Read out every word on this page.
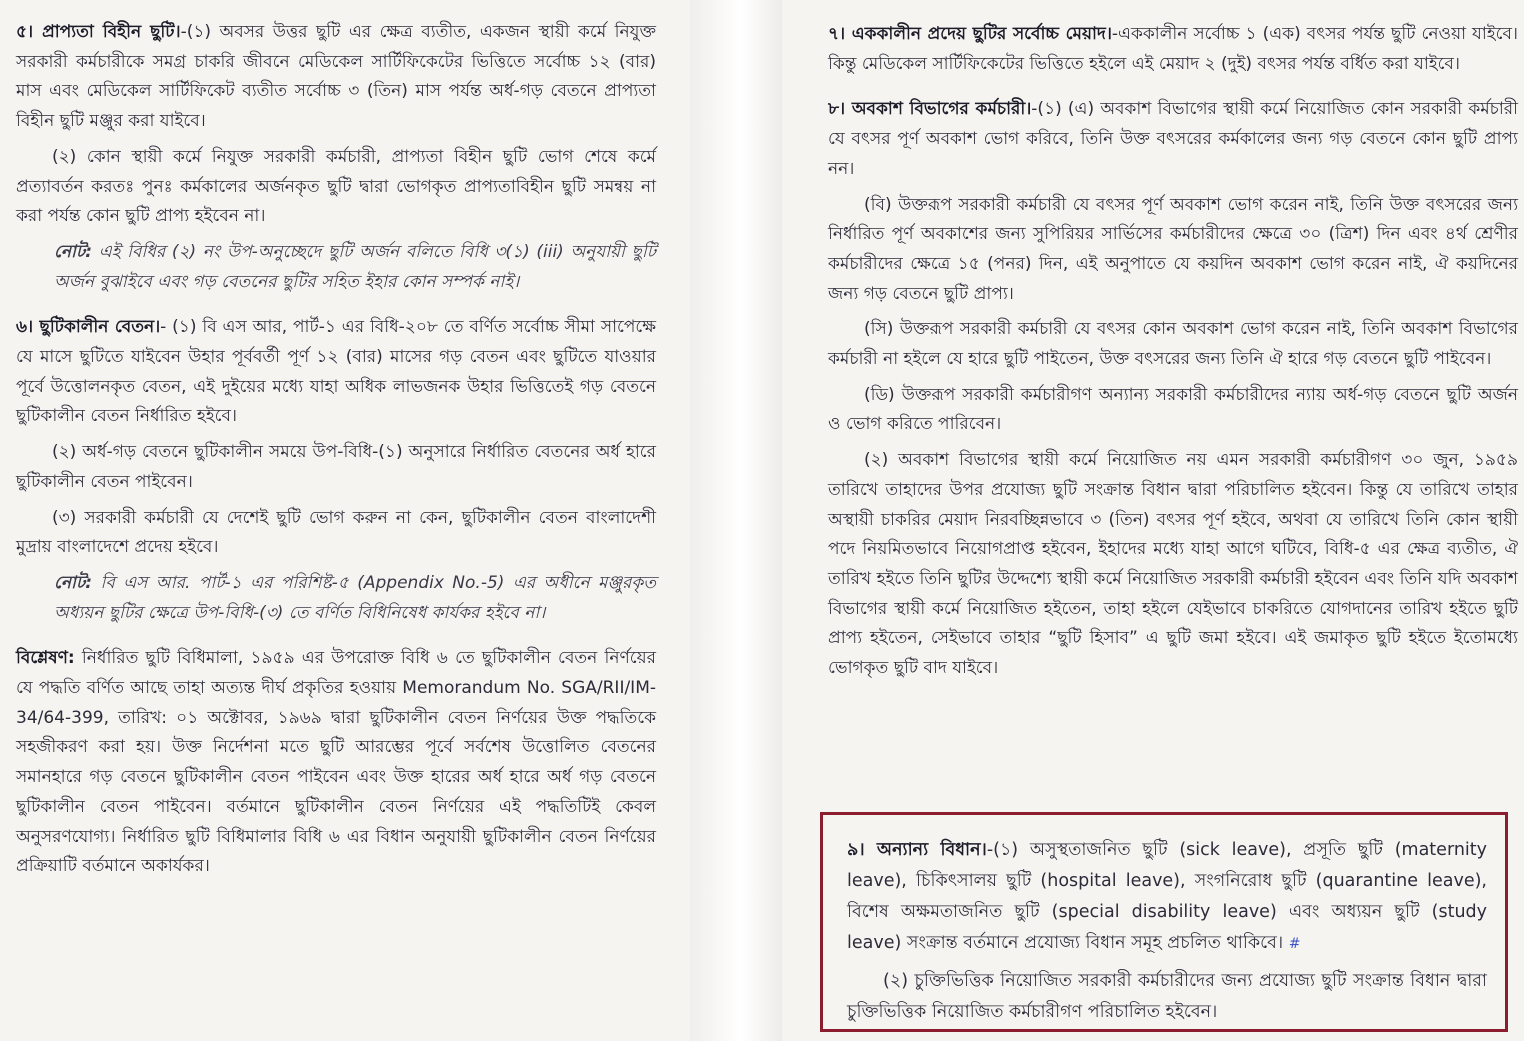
৫। প্রাপ্যতা বিহীন ছুটি।-(১) অবসর উত্তর ছুটি এর ক্ষেত্র ব্যতীত, একজন স্থায়ী কর্মে নিযুক্ত সরকারী কর্মচারীকে সমগ্র চাকরি জীবনে মেডিকেল সার্টিফিকেটের ভিত্তিতে সর্বোচ্চ ১২ (বার) মাস এবং মেডিকেল সার্টিফিকেট ব্যতীত সর্বোচ্চ ৩ (তিন) মাস পর্যন্ত অর্ধ-গড় বেতনে প্রাপ্যতা বিহীন ছুটি মঞ্জুর করা যাইবে।

(২) কোন স্থায়ী কর্মে নিযুক্ত সরকারী কর্মচারী, প্রাপ্যতা বিহীন ছুটি ভোগ শেষে কর্মে প্রত্যাবর্তন করতঃ পুনঃ কর্মকালের অর্জনকৃত ছুটি দ্বারা ভোগকৃত প্রাপ্যতাবিহীন ছুটি সমন্বয় না করা পর্যন্ত কোন ছুটি প্রাপ্য হইবেন না।

নোট: এই বিধির (২) নং উপ-অনুচ্ছেদে ছুটি অর্জন বলিতে বিধি ৩(১) (iii) অনুযায়ী ছুটি অর্জন বুঝাইবে এবং গড় বেতনের ছুটির সহিত ইহার কোন সম্পর্ক নাই।

৬। ছুটিকালীন বেতন।- (১) বি এস আর, পার্ট-১ এর বিধি-২০৮ তে বর্ণিত সর্বোচ্চ সীমা সাপেক্ষে যে মাসে ছুটিতে যাইবেন উহার পূর্ববর্তী পূর্ণ ১২ (বার) মাসের গড় বেতন এবং ছুটিতে যাওয়ার পূর্বে উত্তোলনকৃত বেতন, এই দুইয়ের মধ্যে যাহা অধিক লাভজনক উহার ভিত্তিতেই গড় বেতনে ছুটিকালীন বেতন নির্ধারিত হইবে।

(২) অর্ধ-গড় বেতনে ছুটিকালীন সময়ে উপ-বিধি-(১) অনুসারে নির্ধারিত বেতনের অর্ধ হারে ছুটিকালীন বেতন পাইবেন।

(৩) সরকারী কর্মচারী যে দেশেই ছুটি ভোগ করুন না কেন, ছুটিকালীন বেতন বাংলাদেশী মুদ্রায় বাংলাদেশে প্রদেয় হইবে।

নোট: বি এস আর. পার্ট-১ এর পরিশিষ্ট-৫ (Appendix No.-5) এর অধীনে মঞ্জুরকৃত অধ্যয়ন ছুটির ক্ষেত্রে উপ-বিধি-(৩) তে বর্ণিত বিধিনিষেধ কার্যকর হইবে না।

বিশ্লেষণ: নির্ধারিত ছুটি বিধিমালা, ১৯৫৯ এর উপরোক্ত বিধি ৬ তে ছুটিকালীন বেতন নির্ণয়ের যে পদ্ধতি বর্ণিত আছে তাহা অত্যন্ত দীর্ঘ প্রকৃতির হওয়ায় Memorandum No. SGA/RII/IM-34/64-399, তারিখ: ০১ অক্টোবর, ১৯৬৯ দ্বারা ছুটিকালীন বেতন নির্ণয়ের উক্ত পদ্ধতিকে সহজীকরণ করা হয়। উক্ত নির্দেশনা মতে ছুটি আরম্ভের পূর্বে সর্বশেষ উত্তোলিত বেতনের সমানহারে গড় বেতনে ছুটিকালীন বেতন পাইবেন এবং উক্ত হারের অর্ধ হারে অর্ধ গড় বেতনে ছুটিকালীন বেতন পাইবেন। বর্তমানে ছুটিকালীন বেতন নির্ণয়ের এই পদ্ধতিটিই কেবল অনুসরণযোগ্য। নির্ধারিত ছুটি বিধিমালার বিধি ৬ এর বিধান অনুযায়ী ছুটিকালীন বেতন নির্ণয়ের প্রক্রিয়াটি বর্তমানে অকার্যকর।

৭। এককালীন প্রদেয় ছুটির সর্বোচ্চ মেয়াদ।-এককালীন সর্বোচ্চ ১ (এক) বৎসর পর্যন্ত ছুটি নেওয়া যাইবে। কিন্তু মেডিকেল সার্টিফিকেটের ভিত্তিতে হইলে এই মেয়াদ ২ (দুই) বৎসর পর্যন্ত বর্ধিত করা যাইবে।

৮। অবকাশ বিভাগের কর্মচারী।-(১) (এ) অবকাশ বিভাগের স্থায়ী কর্মে নিয়োজিত কোন সরকারী কর্মচারী যে বৎসর পূর্ণ অবকাশ ভোগ করিবে, তিনি উক্ত বৎসরের কর্মকালের জন্য গড় বেতনে কোন ছুটি প্রাপ্য নন।

(বি) উক্তরূপ সরকারী কর্মচারী যে বৎসর পূর্ণ অবকাশ ভোগ করেন নাই, তিনি উক্ত বৎসরের জন্য নির্ধারিত পূর্ণ অবকাশের জন্য সুপিরিয়র সার্ভিসের কর্মচারীদের ক্ষেত্রে ৩০ (ত্রিশ) দিন এবং ৪র্থ শ্রেণীর কর্মচারীদের ক্ষেত্রে ১৫ (পনর) দিন, এই অনুপাতে যে কয়দিন অবকাশ ভোগ করেন নাই, ঐ কয়দিনের জন্য গড় বেতনে ছুটি প্রাপ্য।

(সি) উক্তরূপ সরকারী কর্মচারী যে বৎসর কোন অবকাশ ভোগ করেন নাই, তিনি অবকাশ বিভাগের কর্মচারী না হইলে যে হারে ছুটি পাইতেন, উক্ত বৎসরের জন্য তিনি ঐ হারে গড় বেতনে ছুটি পাইবেন।

(ডি) উক্তরূপ সরকারী কর্মচারীগণ অন্যান্য সরকারী কর্মচারীদের ন্যায় অর্ধ-গড় বেতনে ছুটি অর্জন ও ভোগ করিতে পারিবেন।

(২) অবকাশ বিভাগের স্থায়ী কর্মে নিয়োজিত নয় এমন সরকারী কর্মচারীগণ ৩০ জুন, ১৯৫৯ তারিখে তাহাদের উপর প্রযোজ্য ছুটি সংক্রান্ত বিধান দ্বারা পরিচালিত হইবেন। কিন্তু যে তারিখে তাহার অস্থায়ী চাকরির মেয়াদ নিরবচ্ছিন্নভাবে ৩ (তিন) বৎসর পূর্ণ হইবে, অথবা যে তারিখে তিনি কোন স্থায়ী পদে নিয়মিতভাবে নিয়োগপ্রাপ্ত হইবেন, ইহাদের মধ্যে যাহা আগে ঘটিবে, বিধি-৫ এর ক্ষেত্র ব্যতীত, ঐ তারিখ হইতে তিনি ছুটির উদ্দেশ্যে স্থায়ী কর্মে নিয়োজিত সরকারী কর্মচারী হইবেন এবং তিনি যদি অবকাশ বিভাগের স্থায়ী কর্মে নিয়োজিত হইতেন, তাহা হইলে যেইভাবে চাকরিতে যোগদানের তারিখ হইতে ছুটি প্রাপ্য হইতেন, সেইভাবে তাহার “ছুটি হিসাব” এ ছুটি জমা হইবে। এই জমাকৃত ছুটি হইতে ইতোমধ্যে ভোগকৃত ছুটি বাদ যাইবে।

৯। অন্যান্য বিধান।-(১) অসুস্থতাজনিত ছুটি (sick leave), প্রসূতি ছুটি (maternity leave), চিকিৎসালয় ছুটি (hospital leave), সংগনিরোধ ছুটি (quarantine leave), বিশেষ অক্ষমতাজনিত ছুটি (special disability leave) এবং অধ্যয়ন ছুটি (study leave) সংক্রান্ত বর্তমানে প্রযোজ্য বিধান সমূহ প্রচলিত থাকিবে। #

(২) চুক্তিভিত্তিক নিয়োজিত সরকারী কর্মচারীদের জন্য প্রযোজ্য ছুটি সংক্রান্ত বিধান দ্বারা চুক্তিভিত্তিক নিয়োজিত কর্মচারীগণ পরিচালিত হইবেন।
